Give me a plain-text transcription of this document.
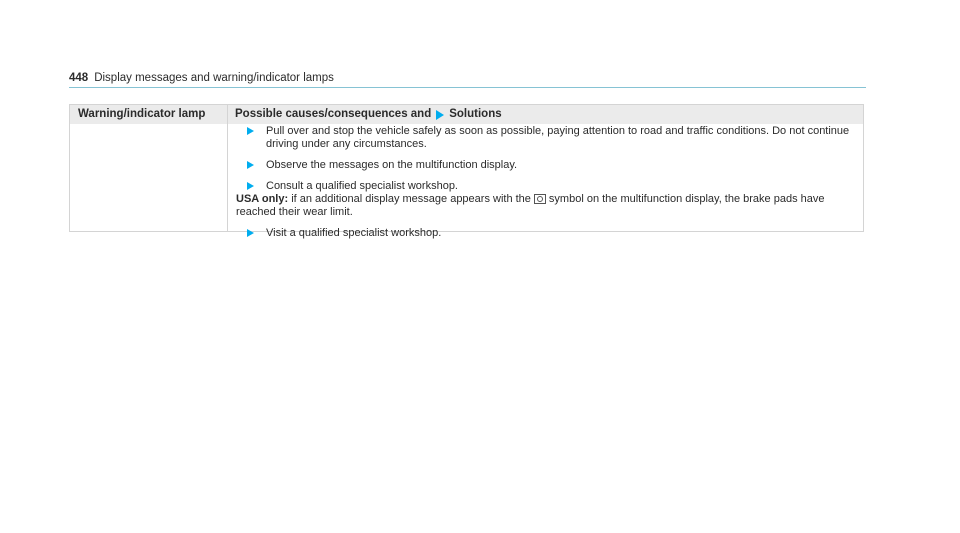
448 Display messages and warning/indicator lamps
Warning/indicator lamp	Possible causes/consequences and Solutions
Pull over and stop the vehicle safely as soon as possible, paying attention to road and traffic conditions. Do not continue driving under any circumstances.
Observe the messages on the multifunction display.
Consult a qualified specialist workshop.
USA only: if an additional display message appears with the symbol on the multifunction display, the brake pads have reached their wear limit.
Visit a qualified specialist workshop.
